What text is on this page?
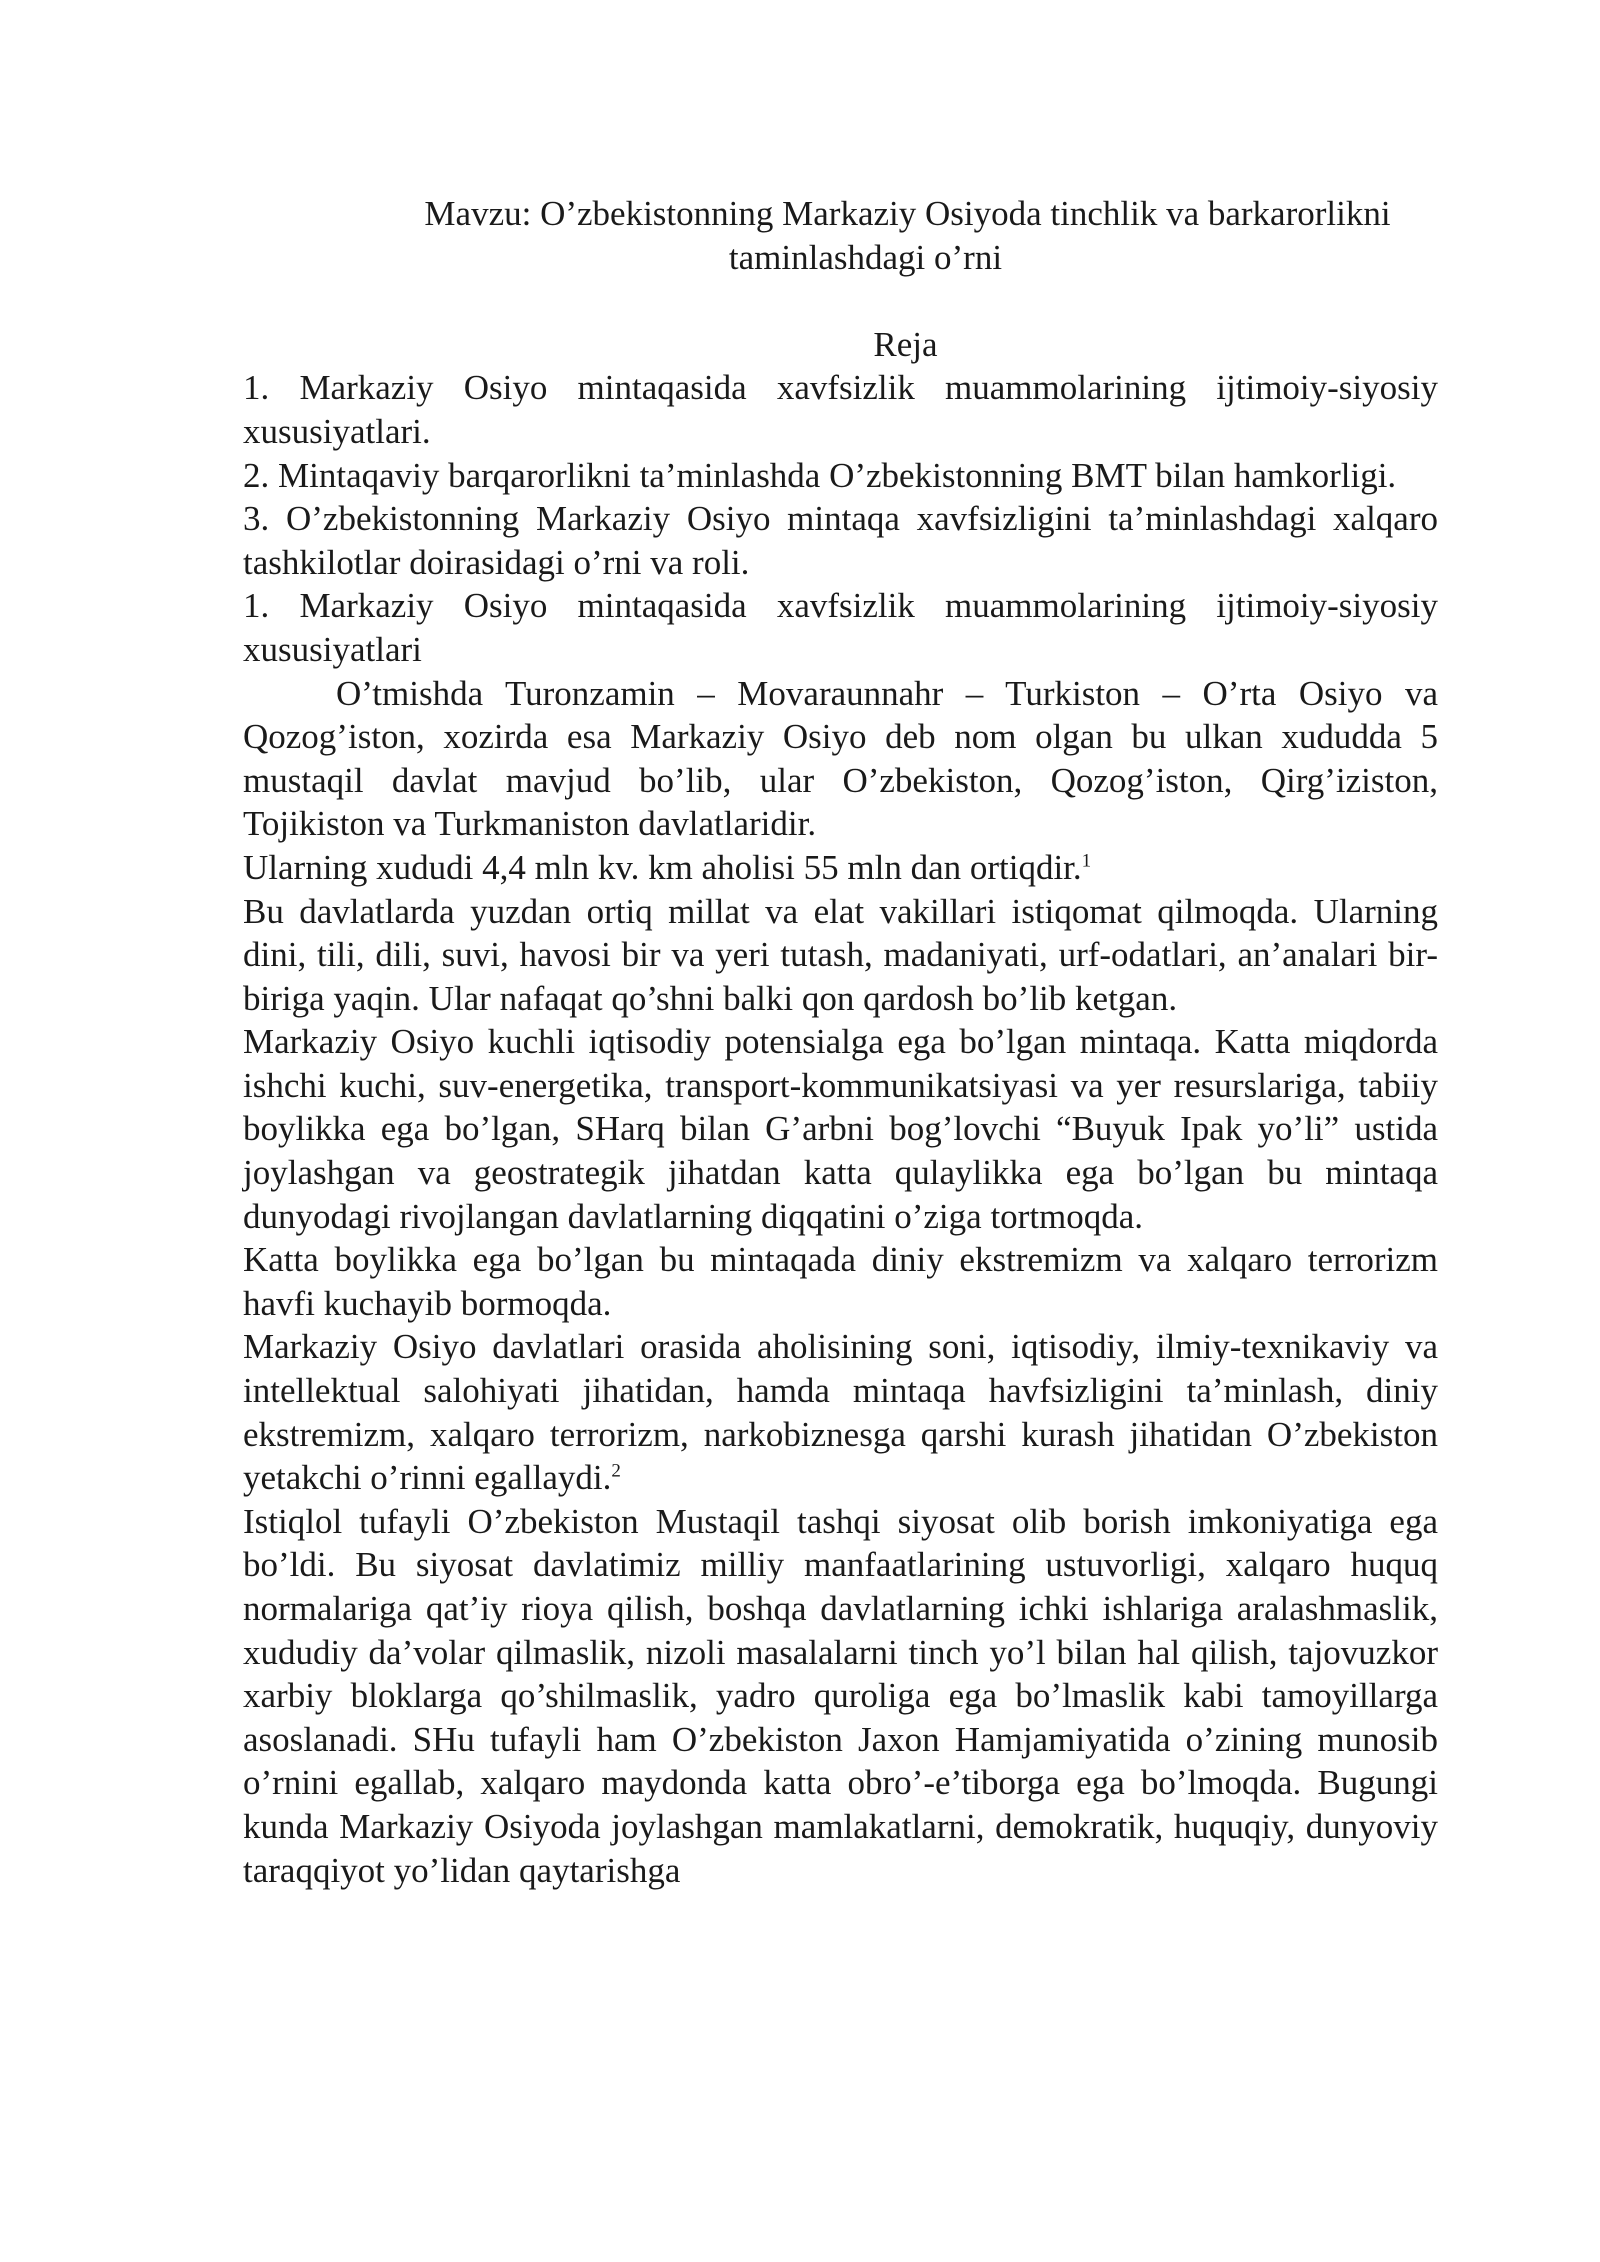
Mavzu: O’zbekistonning Markaziy Osiyoda tinchlik va barkarorlikni

taminlashdagi o’rni

Reja

1. Markaziy Osiyo mintaqasida xavfsizlik muammolarining ijtimoiy-siyosiy xususiyatlari.

2. Mintaqaviy barqarorlikni ta’minlashda O’zbekistonning BMT bilan hamkorligi.

3. O’zbekistonning Markaziy Osiyo mintaqa xavfsizligini ta’minlashdagi xalqaro tashkilotlar doirasidagi o’rni va roli.

1. Markaziy Osiyo mintaqasida xavfsizlik muammolarining ijtimoiy-siyosiy xususiyatlari

O’tmishda Turonzamin – Movaraunnahr – Turkiston – O’rta Osiyo va Qozog’iston, xozirda esa Markaziy Osiyo deb nom olgan bu ulkan xududda 5 mustaqil davlat mavjud bo’lib, ular O’zbekiston, Qozog’iston, Qirg’iziston, Tojikiston va Turkmaniston davlatlaridir.

Ularning xududi 4,4 mln kv. km aholisi 55 mln dan ortiqdir.$^1$

Bu davlatlarda yuzdan ortiq millat va elat vakillari istiqomat qilmoqda. Ularning dini, tili, dili, suvi, havosi bir va yeri tutash, madaniyati, urf-odatlari, an’analari bir-biriga yaqin. Ular nafaqat qo’shni balki qon qardosh bo’lib ketgan.

Markaziy Osiyo kuchli iqtisodiy potensialga ega bo’lgan mintaqa. Katta miqdorda ishchi kuchi, suv-energetika, transport-kommunikatsiyasi va yer resurslariga, tabiiy boylikka ega bo’lgan, SHarq bilan G’arbni bog’lovchi “Buyuk Ipak yo’li” ustida joylashgan va geostrategik jihatdan katta qulaylikka ega bo’lgan bu mintaqa dunyodagi rivojlangan davlatlarning diqqatini o’ziga tortmoqda.

Katta boylikka ega bo’lgan bu mintaqada diniy ekstremizm va xalqaro terrorizm havfi kuchayib bormoqda.

Markaziy Osiyo davlatlari orasida aholisining soni, iqtisodiy, ilmiy-texnikaviy va intellektual salohiyati jihatidan, hamda mintaqa havfsizligini ta’minlash, diniy ekstremizm, xalqaro terrorizm, narkobiznesga qarshi kurash jihatidan O’zbekiston yetakchi o’rinni egallaydi.$^2$

Istiqlol tufayli O’zbekiston Mustaqil tashqi siyosat olib borish imkoniyatiga ega bo’ldi. Bu siyosat davlatimiz milliy manfaatlarining ustuvorligi, xalqaro huquq normalariga qat’iy rioya qilish, boshqa davlatlarning ichki ishlariga aralashmaslik, xududiy da’volar qilmaslik, nizoli masalalarni tinch yo’l bilan hal qilish, tajovuzkor xarbiy bloklarga qo’shilmaslik, yadro quroliga ega bo’lmaslik kabi tamoyillarga asoslanadi. SHu tufayli ham O’zbekiston Jaxon Hamjamiyatida o’zining munosib o’rnini egallab, xalqaro maydonda katta obro’-e’tiborga ega bo’lmoqda. Bugungi kunda Markaziy Osiyoda joylashgan mamlakatlarni, demokratik, huquqiy, dunyoviy taraqqiyot yo’lidan qaytarishga
